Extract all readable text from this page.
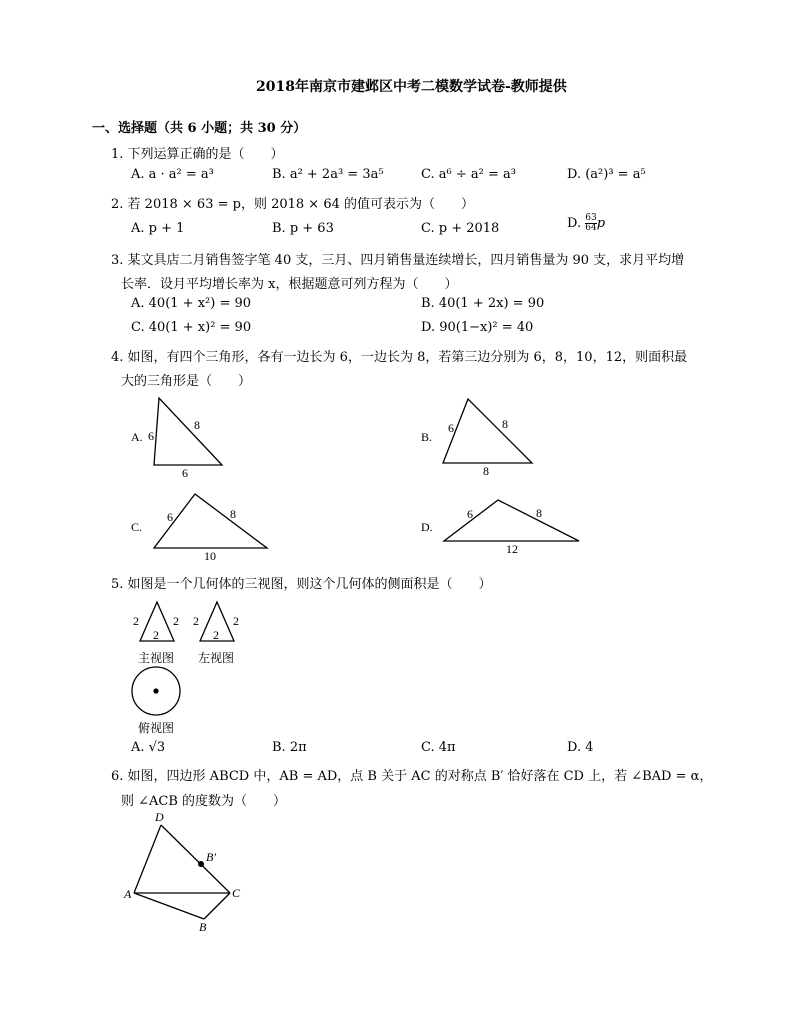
2018年南京市建邺区中考二模数学试卷-教师提供
一、选择题（共 6 小题；共 30 分）
1. 下列运算正确的是（　　）
A. a · a² = a³	B. a² + 2a³ = 3a⁵	C. a⁶ ÷ a² = a³	D. (a²)³ = a⁵
2. 若 2018 × 63 = p，则 2018 × 64 的值可表示为（　　）
A. p + 1	B. p + 63	C. p + 2018	D. $\frac{63}{64}$ p
3. 某文具店二月销售签字笔 40 支，三月、四月销售量连续增长，四月销售量为 90 支，求月平均增
长率．设月平均增长率为 x，根据题意可列方程为（　　）
A. 40(1 + x²) = 90	B. 40(1 + 2x) = 90
C. 40(1 + x)² = 90	D. 90(1−x)² = 40
4. 如图，有四个三角形，各有一边长为 6，一边长为 8，若第三边分别为 6，8，10，12，则面积最
大的三角形是（　　）
A. 6
8
6
B.
6	8
8
C.
6	8
10
D.
6	8
12
5. 如图是一个几何体的三视图，则这个几何体的侧面积是（　　）
2	2
2
2	2
2
主视图 左视图
俯视图
A. √3	B. 2π	C. 4π	D. 4
6. 如图，四边形 ABCD 中，AB = AD，点 B 关于 AC 的对称点 B′ 恰好落在 CD 上，若 ∠BAD = α，
则 ∠ACB 的度数为（　　）
D
B'
A	C
B
